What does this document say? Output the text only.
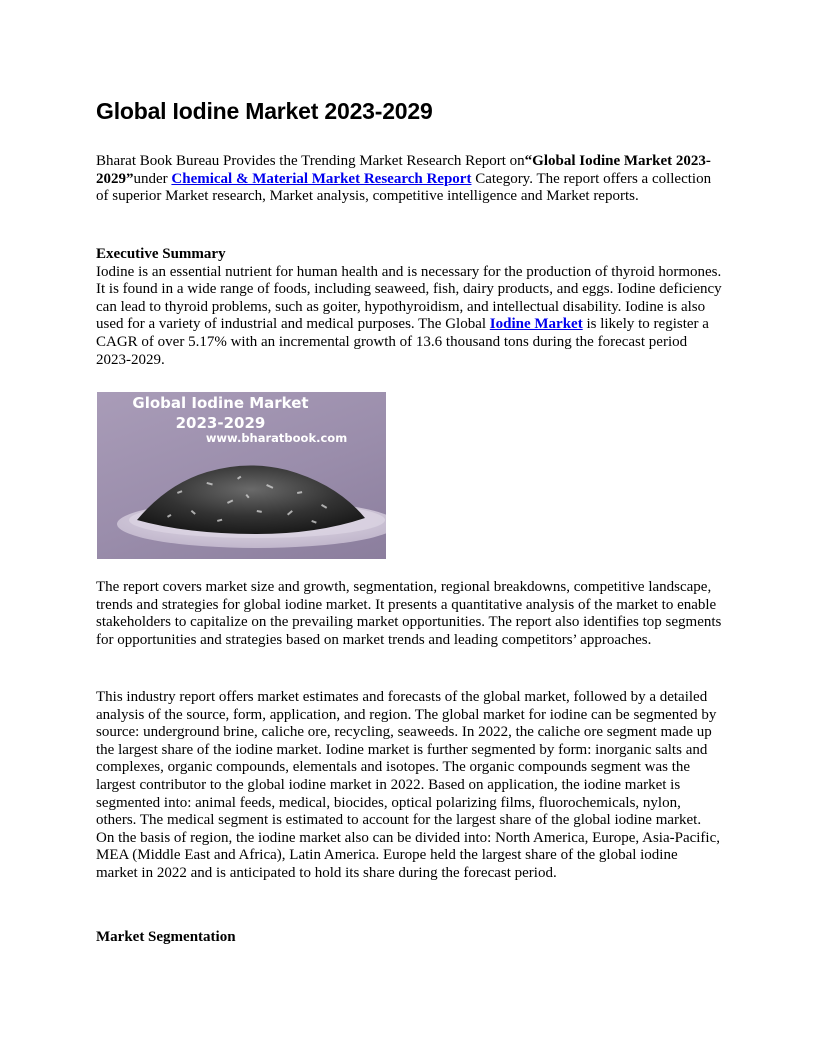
Global Iodine Market 2023-2029

Bharat Book Bureau Provides the Trending Market Research Report on“Global Iodine Market 2023-2029”under Chemical & Material Market Research Report Category. The report offers a collection of superior Market research, Market analysis, competitive intelligence and Market reports.

Executive Summary

Iodine is an essential nutrient for human health and is necessary for the production of thyroid hormones. It is found in a wide range of foods, including seaweed, fish, dairy products, and eggs. Iodine deficiency can lead to thyroid problems, such as goiter, hypothyroidism, and intellectual disability. Iodine is also used for a variety of industrial and medical purposes. The Global Iodine Market is likely to register a CAGR of over 5.17% with an incremental growth of 13.6 thousand tons during the forecast period 2023-2029.

Global Iodine Market
2023-2029
www.bharatbook.com

The report covers market size and growth, segmentation, regional breakdowns, competitive landscape, trends and strategies for global iodine market. It presents a quantitative analysis of the market to enable stakeholders to capitalize on the prevailing market opportunities. The report also identifies top segments for opportunities and strategies based on market trends and leading competitors’ approaches.

This industry report offers market estimates and forecasts of the global market, followed by a detailed analysis of the source, form, application, and region. The global market for iodine can be segmented by source: underground brine, caliche ore, recycling, seaweeds. In 2022, the caliche ore segment made up the largest share of the iodine market. Iodine market is further segmented by form: inorganic salts and complexes, organic compounds, elementals and isotopes. The organic compounds segment was the largest contributor to the global iodine market in 2022. Based on application, the iodine market is segmented into: animal feeds, medical, biocides, optical polarizing films, fluorochemicals, nylon, others. The medical segment is estimated to account for the largest share of the global iodine market. On the basis of region, the iodine market also can be divided into: North America, Europe, Asia-Pacific, MEA (Middle East and Africa), Latin America. Europe held the largest share of the global iodine market in 2022 and is anticipated to hold its share during the forecast period.

Market Segmentation
